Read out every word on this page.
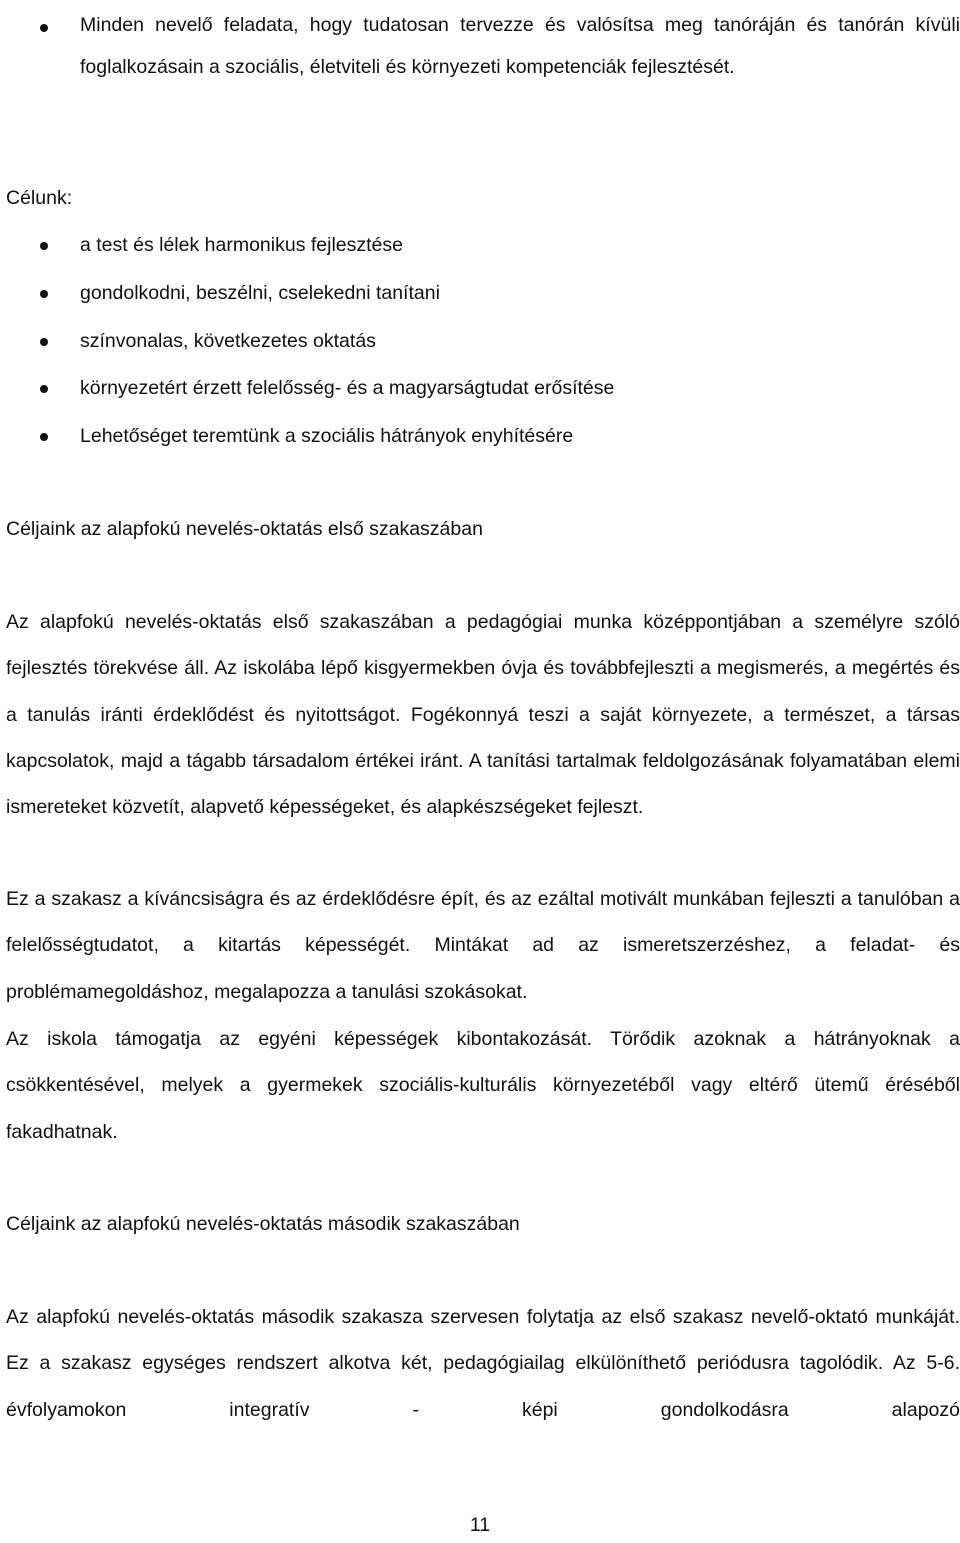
Minden nevelő feladata, hogy tudatosan tervezze és valósítsa meg tanóráján és tanórán kívüli foglalkozásain a szociális, életviteli és környezeti kompetenciák fejlesztését.

Célunk:

a test és lélek harmonikus fejlesztése
gondolkodni, beszélni, cselekedni tanítani
színvonalas, következetes oktatás
környezetért érzett felelősség- és a magyarságtudat erősítése
Lehetőséget teremtünk a szociális hátrányok enyhítésére

Céljaink az alapfokú nevelés-oktatás első szakaszában

Az alapfokú nevelés-oktatás első szakaszában a pedagógiai munka középpontjában a személyre szóló fejlesztés törekvése áll. Az iskolába lépő kisgyermekben óvja és továbbfejleszti a megismerés, a megértés és a tanulás iránti érdeklődést és nyitottságot. Fogékonnyá teszi a saját környezete, a természet, a társas kapcsolatok, majd a tágabb társadalom értékei iránt. A tanítási tartalmak feldolgozásának folyamatában elemi ismereteket közvetít, alapvető képességeket, és alapkészségeket fejleszt.

Ez a szakasz a kíváncsiságra és az érdeklődésre épít, és az ezáltal motivált munkában fejleszti a tanulóban a felelősségtudatot, a kitartás képességét. Mintákat ad az ismeretszerzéshez, a feladat- és problémamegoldáshoz, megalapozza a tanulási szokásokat.

Az iskola támogatja az egyéni képességek kibontakozását. Törődik azoknak a hátrányoknak a csökkentésével, melyek a gyermekek szociális-kulturális környezetéből vagy eltérő ütemű éréséből fakadhatnak.

Céljaink az alapfokú nevelés-oktatás második szakaszában

Az alapfokú nevelés-oktatás második szakasza szervesen folytatja az első szakasz nevelő-oktató munkáját. Ez a szakasz egységes rendszert alkotva két, pedagógiailag elkülöníthető periódusra tagolódik. Az 5-6. évfolyamokon integratív - képi gondolkodásra alapozó

11
